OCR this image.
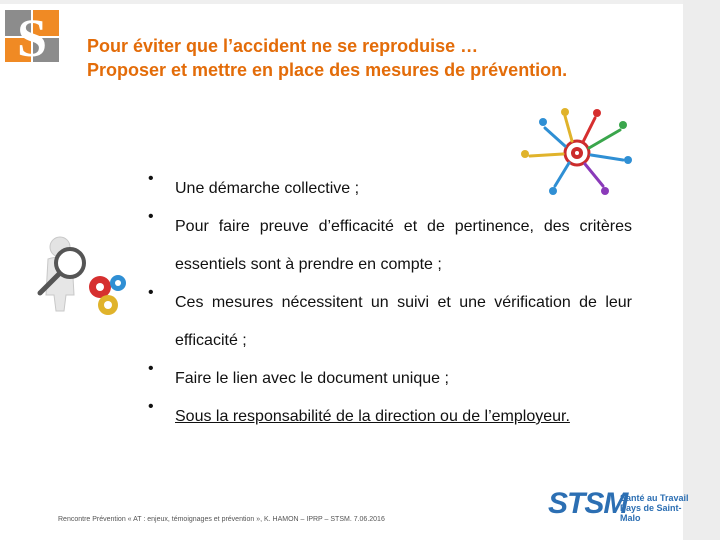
S Pour éviter que l’accident ne se reproduise …
Proposer et mettre en place des mesures de prévention.
•
Une démarche collective ;
•
Pour faire preuve d’efficacité et de pertinence, des critères essentiels sont à prendre en compte ;
•
Ces mesures nécessitent un suivi et une vérification de leur efficacité ;
•
Faire le lien avec le document unique ;
•
Sous la responsabilité de la direction ou de l’employeur.
Rencontre Prévention « AT : enjeux, témoignages et prévention », K. HAMON – IPRP – STSM. 7.06.2016	STSM
Santé au Travail
Pays de Saint-Malo
